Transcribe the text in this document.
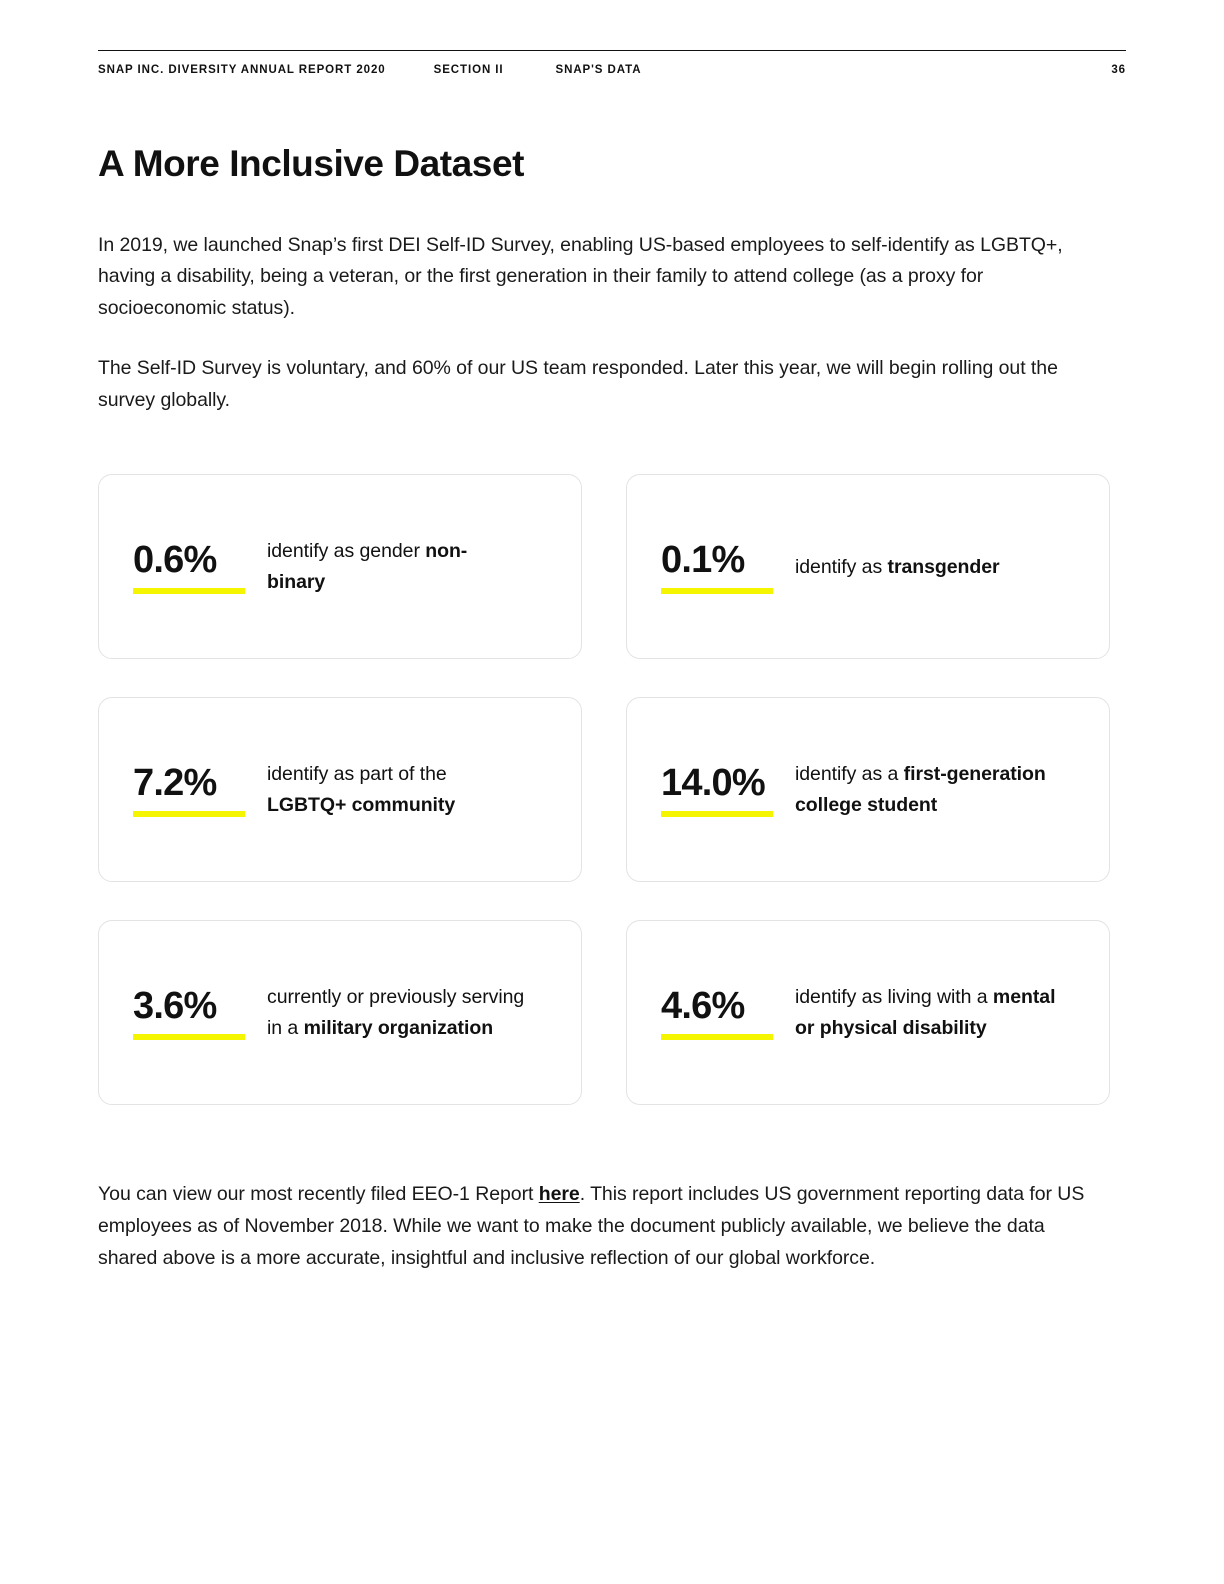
SNAP INC. DIVERSITY ANNUAL REPORT 2020	SECTION II	SNAP'S DATA	36
A More Inclusive Dataset

In 2019, we launched Snap’s first DEI Self-ID Survey, enabling US-based employees to self-identify as LGBTQ+, having a disability, being a veteran, or the first generation in their family to attend college (as a proxy for socioeconomic status).

The Self-ID Survey is voluntary, and 60% of our US team responded. Later this year, we will begin rolling out the survey globally.

0.6%	identify as gender non-binary
0.1%	identify as transgender
7.2%	identify as part of the LGBTQ+ community
14.0%	identify as a first-generation college student
3.6%	currently or previously serving in a military organization
4.6%	identify as living with a mental or physical disability

You can view our most recently filed EEO-1 Report here. This report includes US government reporting data for US employees as of November 2018. While we want to make the document publicly available, we believe the data shared above is a more accurate, insightful and inclusive reflection of our global workforce.
